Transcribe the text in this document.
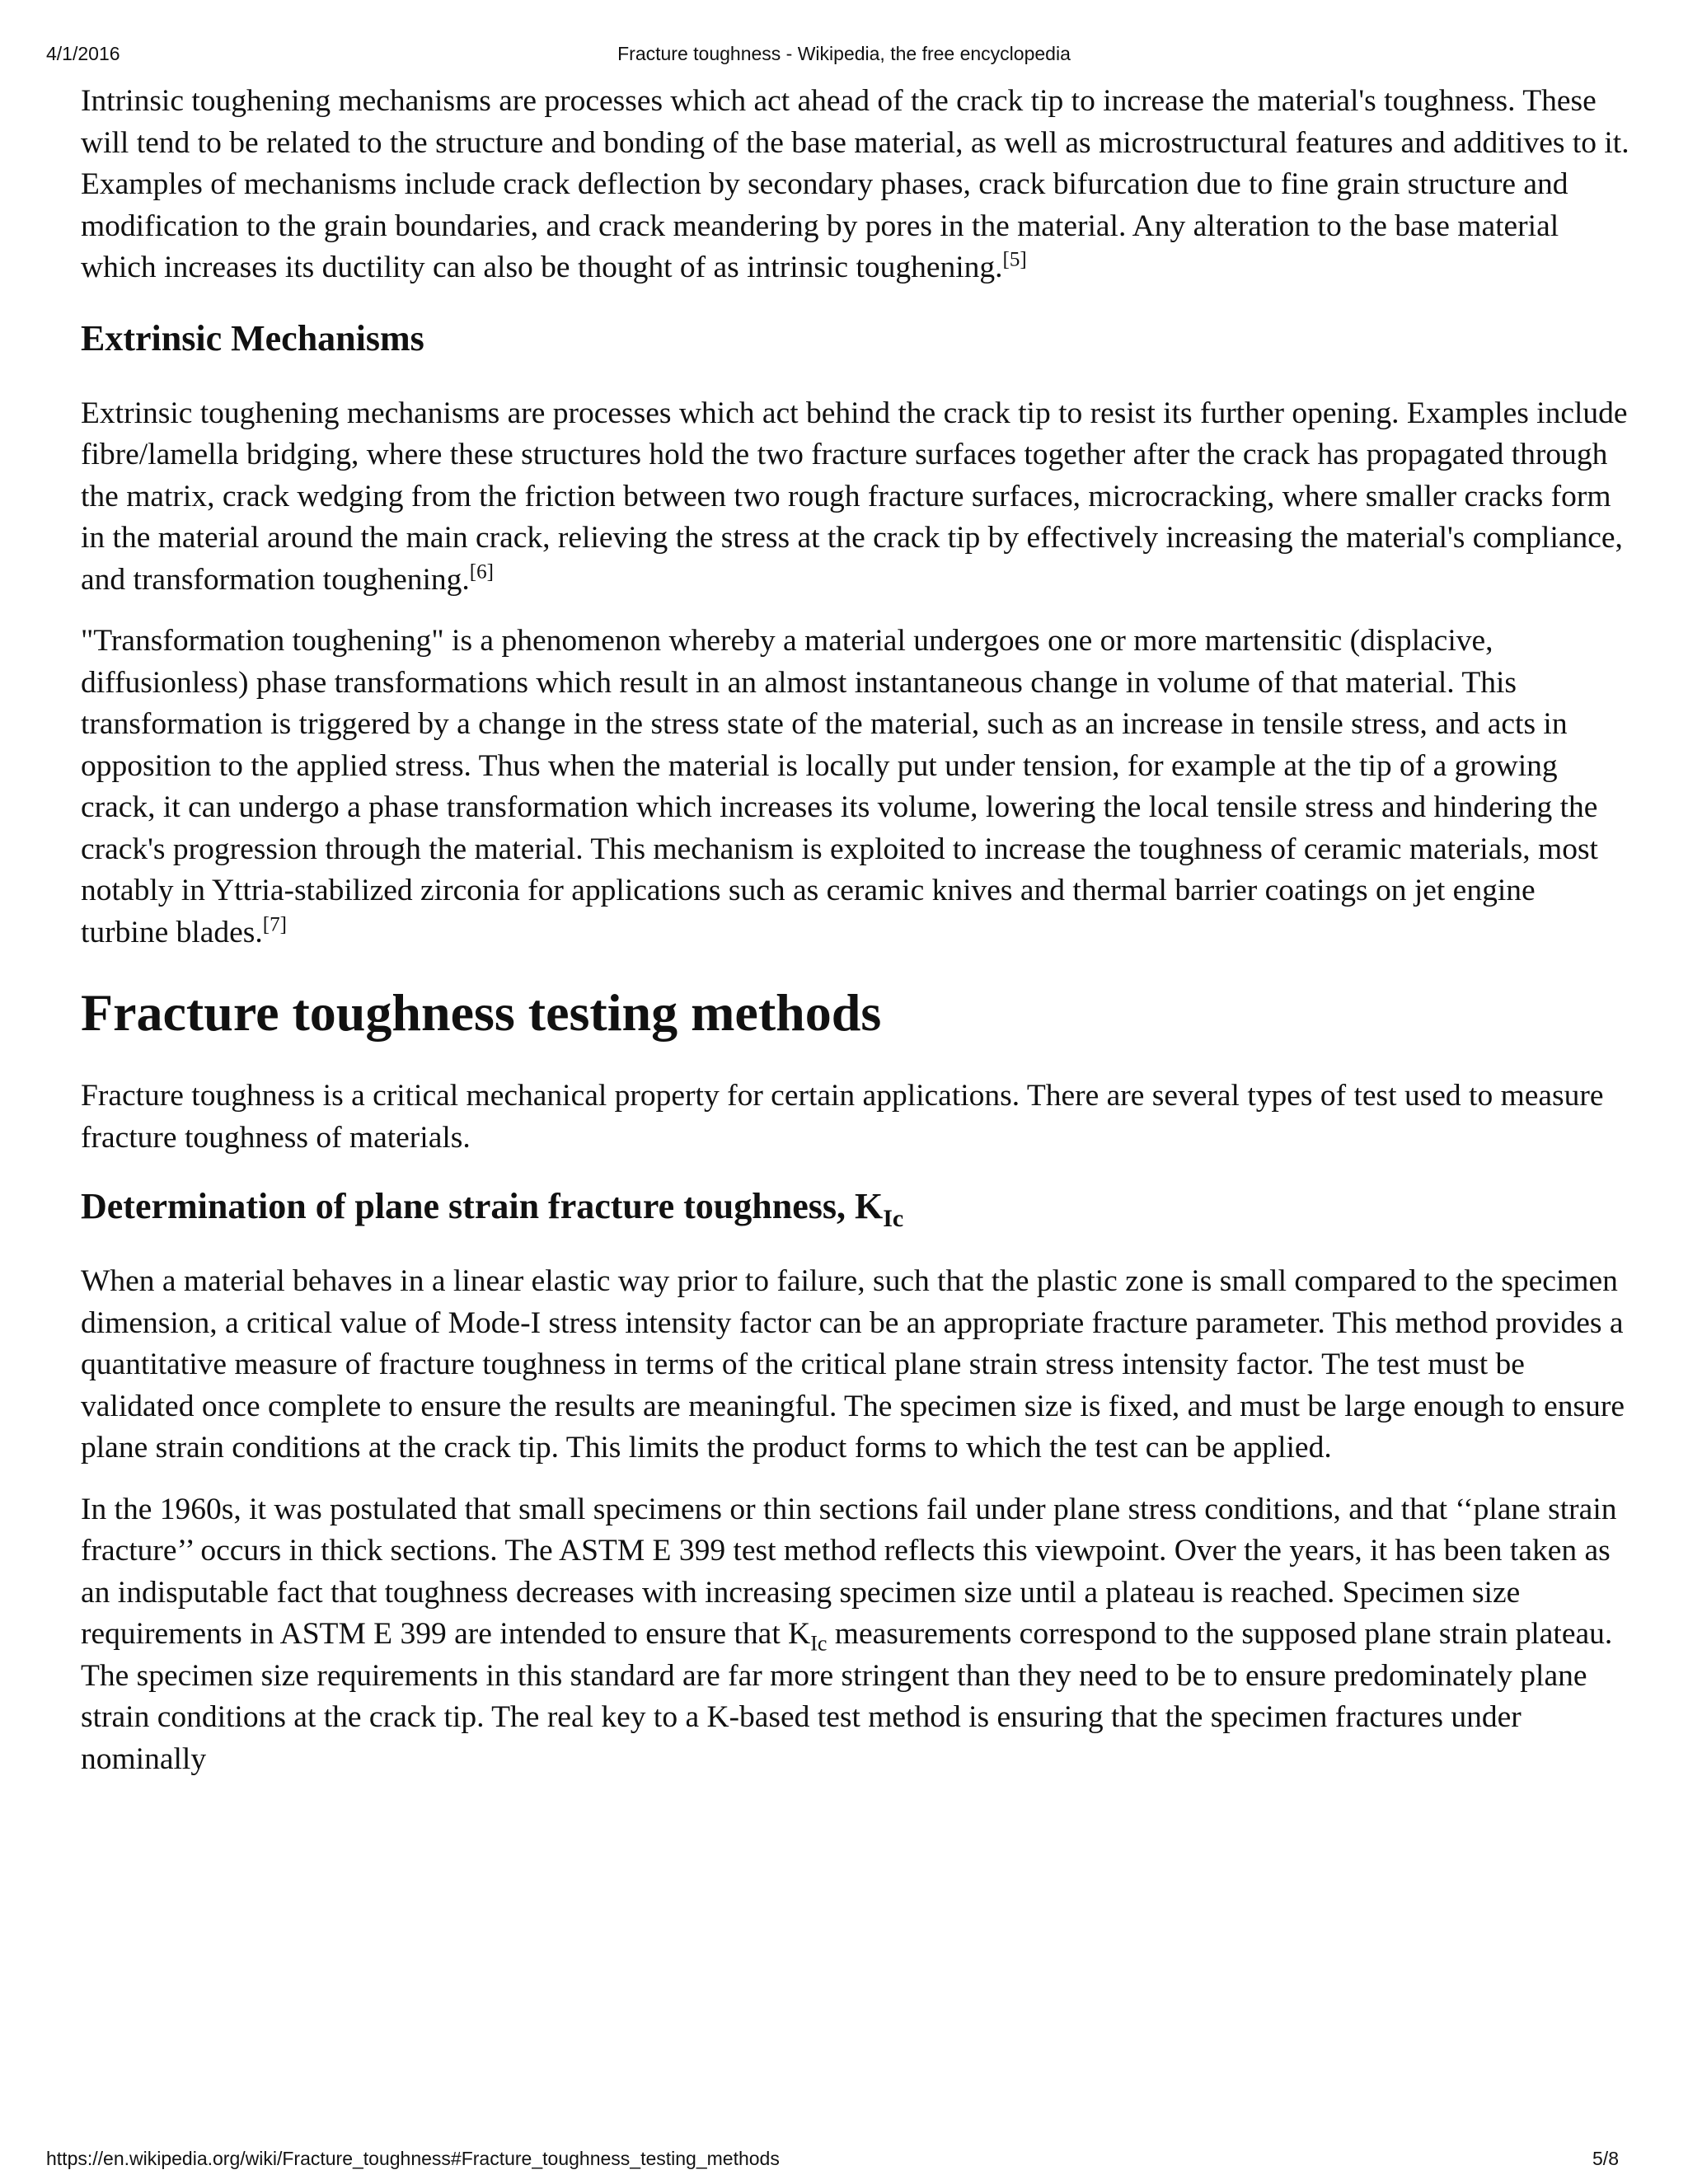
4/1/2016	Fracture toughness - Wikipedia, the free encyclopedia

Intrinsic toughening mechanisms are processes which act ahead of the crack tip to increase the material's toughness. These will tend to be related to the structure and bonding of the base material, as well as microstructural features and additives to it. Examples of mechanisms include crack deflection by secondary phases, crack bifurcation due to fine grain structure and modification to the grain boundaries, and crack meandering by pores in the material. Any alteration to the base material which increases its ductility can also be thought of as intrinsic toughening.[5]

Extrinsic Mechanisms

Extrinsic toughening mechanisms are processes which act behind the crack tip to resist its further opening. Examples include fibre/lamella bridging, where these structures hold the two fracture surfaces together after the crack has propagated through the matrix, crack wedging from the friction between two rough fracture surfaces, microcracking, where smaller cracks form in the material around the main crack, relieving the stress at the crack tip by effectively increasing the material's compliance, and transformation toughening.[6]

"Transformation toughening" is a phenomenon whereby a material undergoes one or more martensitic (displacive, diffusionless) phase transformations which result in an almost instantaneous change in volume of that material. This transformation is triggered by a change in the stress state of the material, such as an increase in tensile stress, and acts in opposition to the applied stress. Thus when the material is locally put under tension, for example at the tip of a growing crack, it can undergo a phase transformation which increases its volume, lowering the local tensile stress and hindering the crack's progression through the material. This mechanism is exploited to increase the toughness of ceramic materials, most notably in Yttria-stabilized zirconia for applications such as ceramic knives and thermal barrier coatings on jet engine turbine blades.[7]

Fracture toughness testing methods

Fracture toughness is a critical mechanical property for certain applications. There are several types of test used to measure fracture toughness of materials.

Determination of plane strain fracture toughness, $K_{Ic}$

When a material behaves in a linear elastic way prior to failure, such that the plastic zone is small compared to the specimen dimension, a critical value of Mode-I stress intensity factor can be an appropriate fracture parameter. This method provides a quantitative measure of fracture toughness in terms of the critical plane strain stress intensity factor. The test must be validated once complete to ensure the results are meaningful. The specimen size is fixed, and must be large enough to ensure plane strain conditions at the crack tip. This limits the product forms to which the test can be applied.

In the 1960s, it was postulated that small specimens or thin sections fail under plane stress conditions, and that ‘‘plane strain fracture’’ occurs in thick sections. The ASTM E 399 test method reflects this viewpoint. Over the years, it has been taken as an indisputable fact that toughness decreases with increasing specimen size until a plateau is reached. Specimen size requirements in ASTM E 399 are intended to ensure that $K_{Ic}$ measurements correspond to the supposed plane strain plateau. The specimen size requirements in this standard are far more stringent than they need to be to ensure predominately plane strain conditions at the crack tip. The real key to a K-based test method is ensuring that the specimen fractures under nominally

https://en.wikipedia.org/wiki/Fracture_toughness#Fracture_toughness_testing_methods	5/8
